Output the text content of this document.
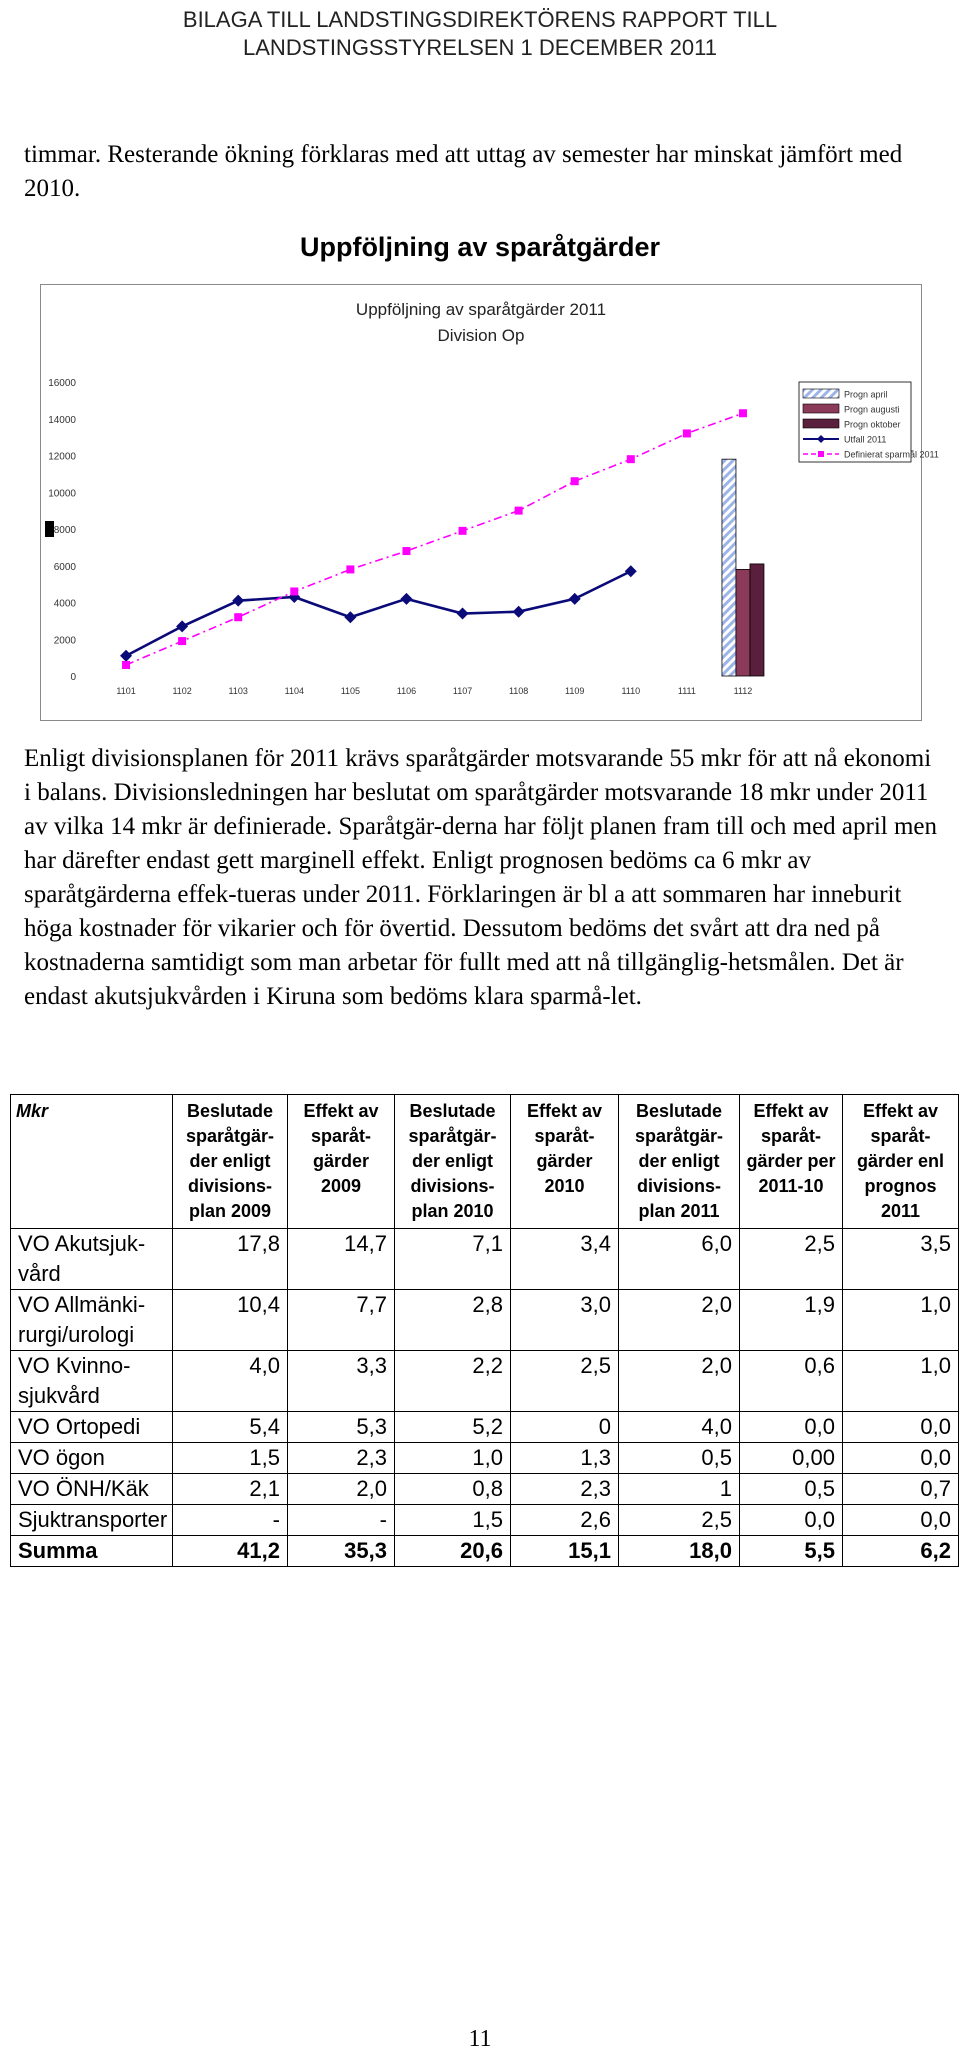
BILAGA TILL LANDSTINGSDIREKTÖRENS RAPPORT TILL
LANDSTINGSSTYRELSEN 1 DECEMBER 2011

timmar. Resterande ökning förklaras med att uttag av semester har minskat jämfört med 2010.

Uppföljning av sparåtgärder
Uppföljning av sparåtgärder 2011
Division Op
0
2000
4000
6000
8000
10000
12000
14000
16000
1101	1102	1103	1104	1105	1106	1107	1108	1109	1110	1111	1112
Progn april
Progn augusti
Progn oktober
Utfall 2011
Definierat sparmål 2011

Enligt divisionsplanen för 2011 krävs sparåtgärder motsvarande 55 mkr för att nå ekonomi i balans. Divisionsledningen har beslutat om sparåtgärder motsvarande 18 mkr under 2011 av vilka 14 mkr är definierade. Sparåtgär-derna har följt planen fram till och med april men har därefter endast gett marginell effekt. Enligt prognosen bedöms ca 6 mkr av sparåtgärderna effek-tueras under 2011. Förklaringen är bl a att sommaren har inneburit höga kostnader för vikarier och för övertid. Dessutom bedöms det svårt att dra ned på kostnaderna samtidigt som man arbetar för fullt med att nå tillgänglig-hetsmålen. Det är endast akutsjukvården i Kiruna som bedöms klara sparmå-let.

Mkr	Beslutade sparåtgär-der enligt divisions-plan 2009	Effekt av sparåt-gärder 2009	Beslutade sparåtgär-der enligt divisions-plan 2010	Effekt av sparåt-gärder 2010	Beslutade sparåtgär-der enligt divisions-plan 2011	Effekt av sparåt-gärder per 2011-10	Effekt av sparåt-gärder enl prognos 2011
VO Akutsjuk-vård	17,8	14,7	7,1	3,4	6,0	2,5	3,5
VO Allmänki-rurgi/urologi	10,4	7,7	2,8	3,0	2,0	1,9	1,0
VO Kvinno-sjukvård	4,0	3,3	2,2	2,5	2,0	0,6	1,0
VO Ortopedi	5,4	5,3	5,2	0	4,0	0,0	0,0
VO ögon	1,5	2,3	1,0	1,3	0,5	0,00	0,0
VO ÖNH/Käk	2,1	2,0	0,8	2,3	1	0,5	0,7
Sjuktransporter	-	-	1,5	2,6	2,5	0,0	0,0
Summa	41,2	35,3	20,6	15,1	18,0	5,5	6,2
11
